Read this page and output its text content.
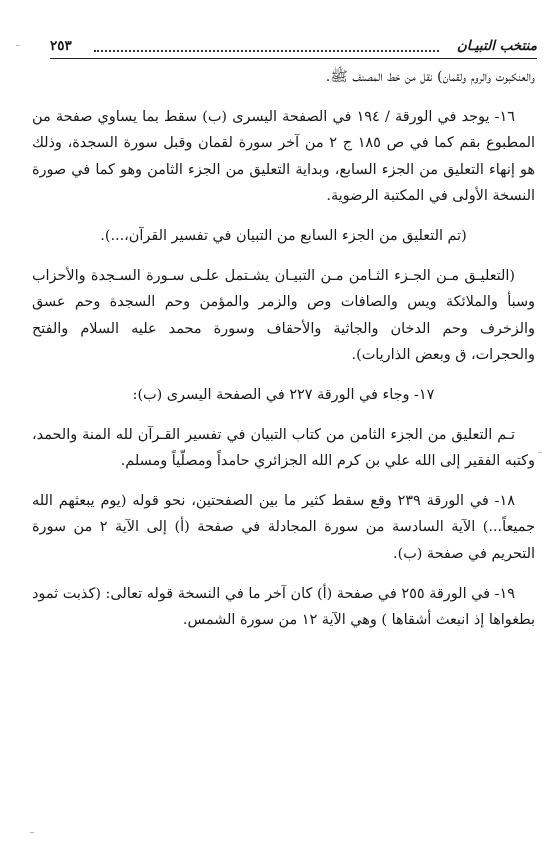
منتخب التبيـان
٢٥٣

والعنكبوت والروم ولقمان) نقل من خط المصنف ﷺ.

١٦- يوجد في الورقة / ١٩٤ في الصفحة اليسرى (ب) سقط بما يساوي صفحة من المطبوع بقم كما في ص ١٨٥ ج ٢ من آخر سورة لقمان وقبل سورة السجدة، وذلك هو إنهاء التعليق من الجزء السابع، وبداية التعليق من الجزء الثامن وهو كما في صورة النسخة الأولى في المكتبة الرضوية.

(تم التعليق من الجزء السابع من التبيان في تفسير القرآن،...).

(التعليـق مـن الجـزء الثـامن مـن التبيـان يشـتمل علـى سـورة السـجدة والأحزاب وسبأ والملائكة ويس والصافات وص والزمر والمؤمن وحم السجدة وحم عسق والزخرف وحم الدخان والجاثية والأحقاف وسورة محمد عليه السلام والفتح والحجرات، ق وبعض الذاريات).

١٧- وجاء في الورقة ٢٢٧ في الصفحة اليسرى (ب):

تـم التعليق من الجزء الثامن من كتاب التبيان في تفسير القـرآن لله المنة والحمد، وكتبه الفقير إلى الله علي بن كرم الله الجزائري حامداً ومصلّياً ومسلم.

١٨- في الورقة ٢٣٩ وقع سقط كثير ما بين الصفحتين، نحو قوله (يوم يبعثهم الله جميعاً...) الآية السادسة من سورة المجادلة في صفحة (أ) إلى الآية ٢ من سورة التحريم في صفحة (ب).

١٩- في الورقة ٢٥٥ في صفحة (أ) كان آخر ما في النسخة قوله تعالى: (كذبت ثمود بطغواها إذ انبعث أشقاها ) وهي الآية ١٢ من سورة الشمس.
